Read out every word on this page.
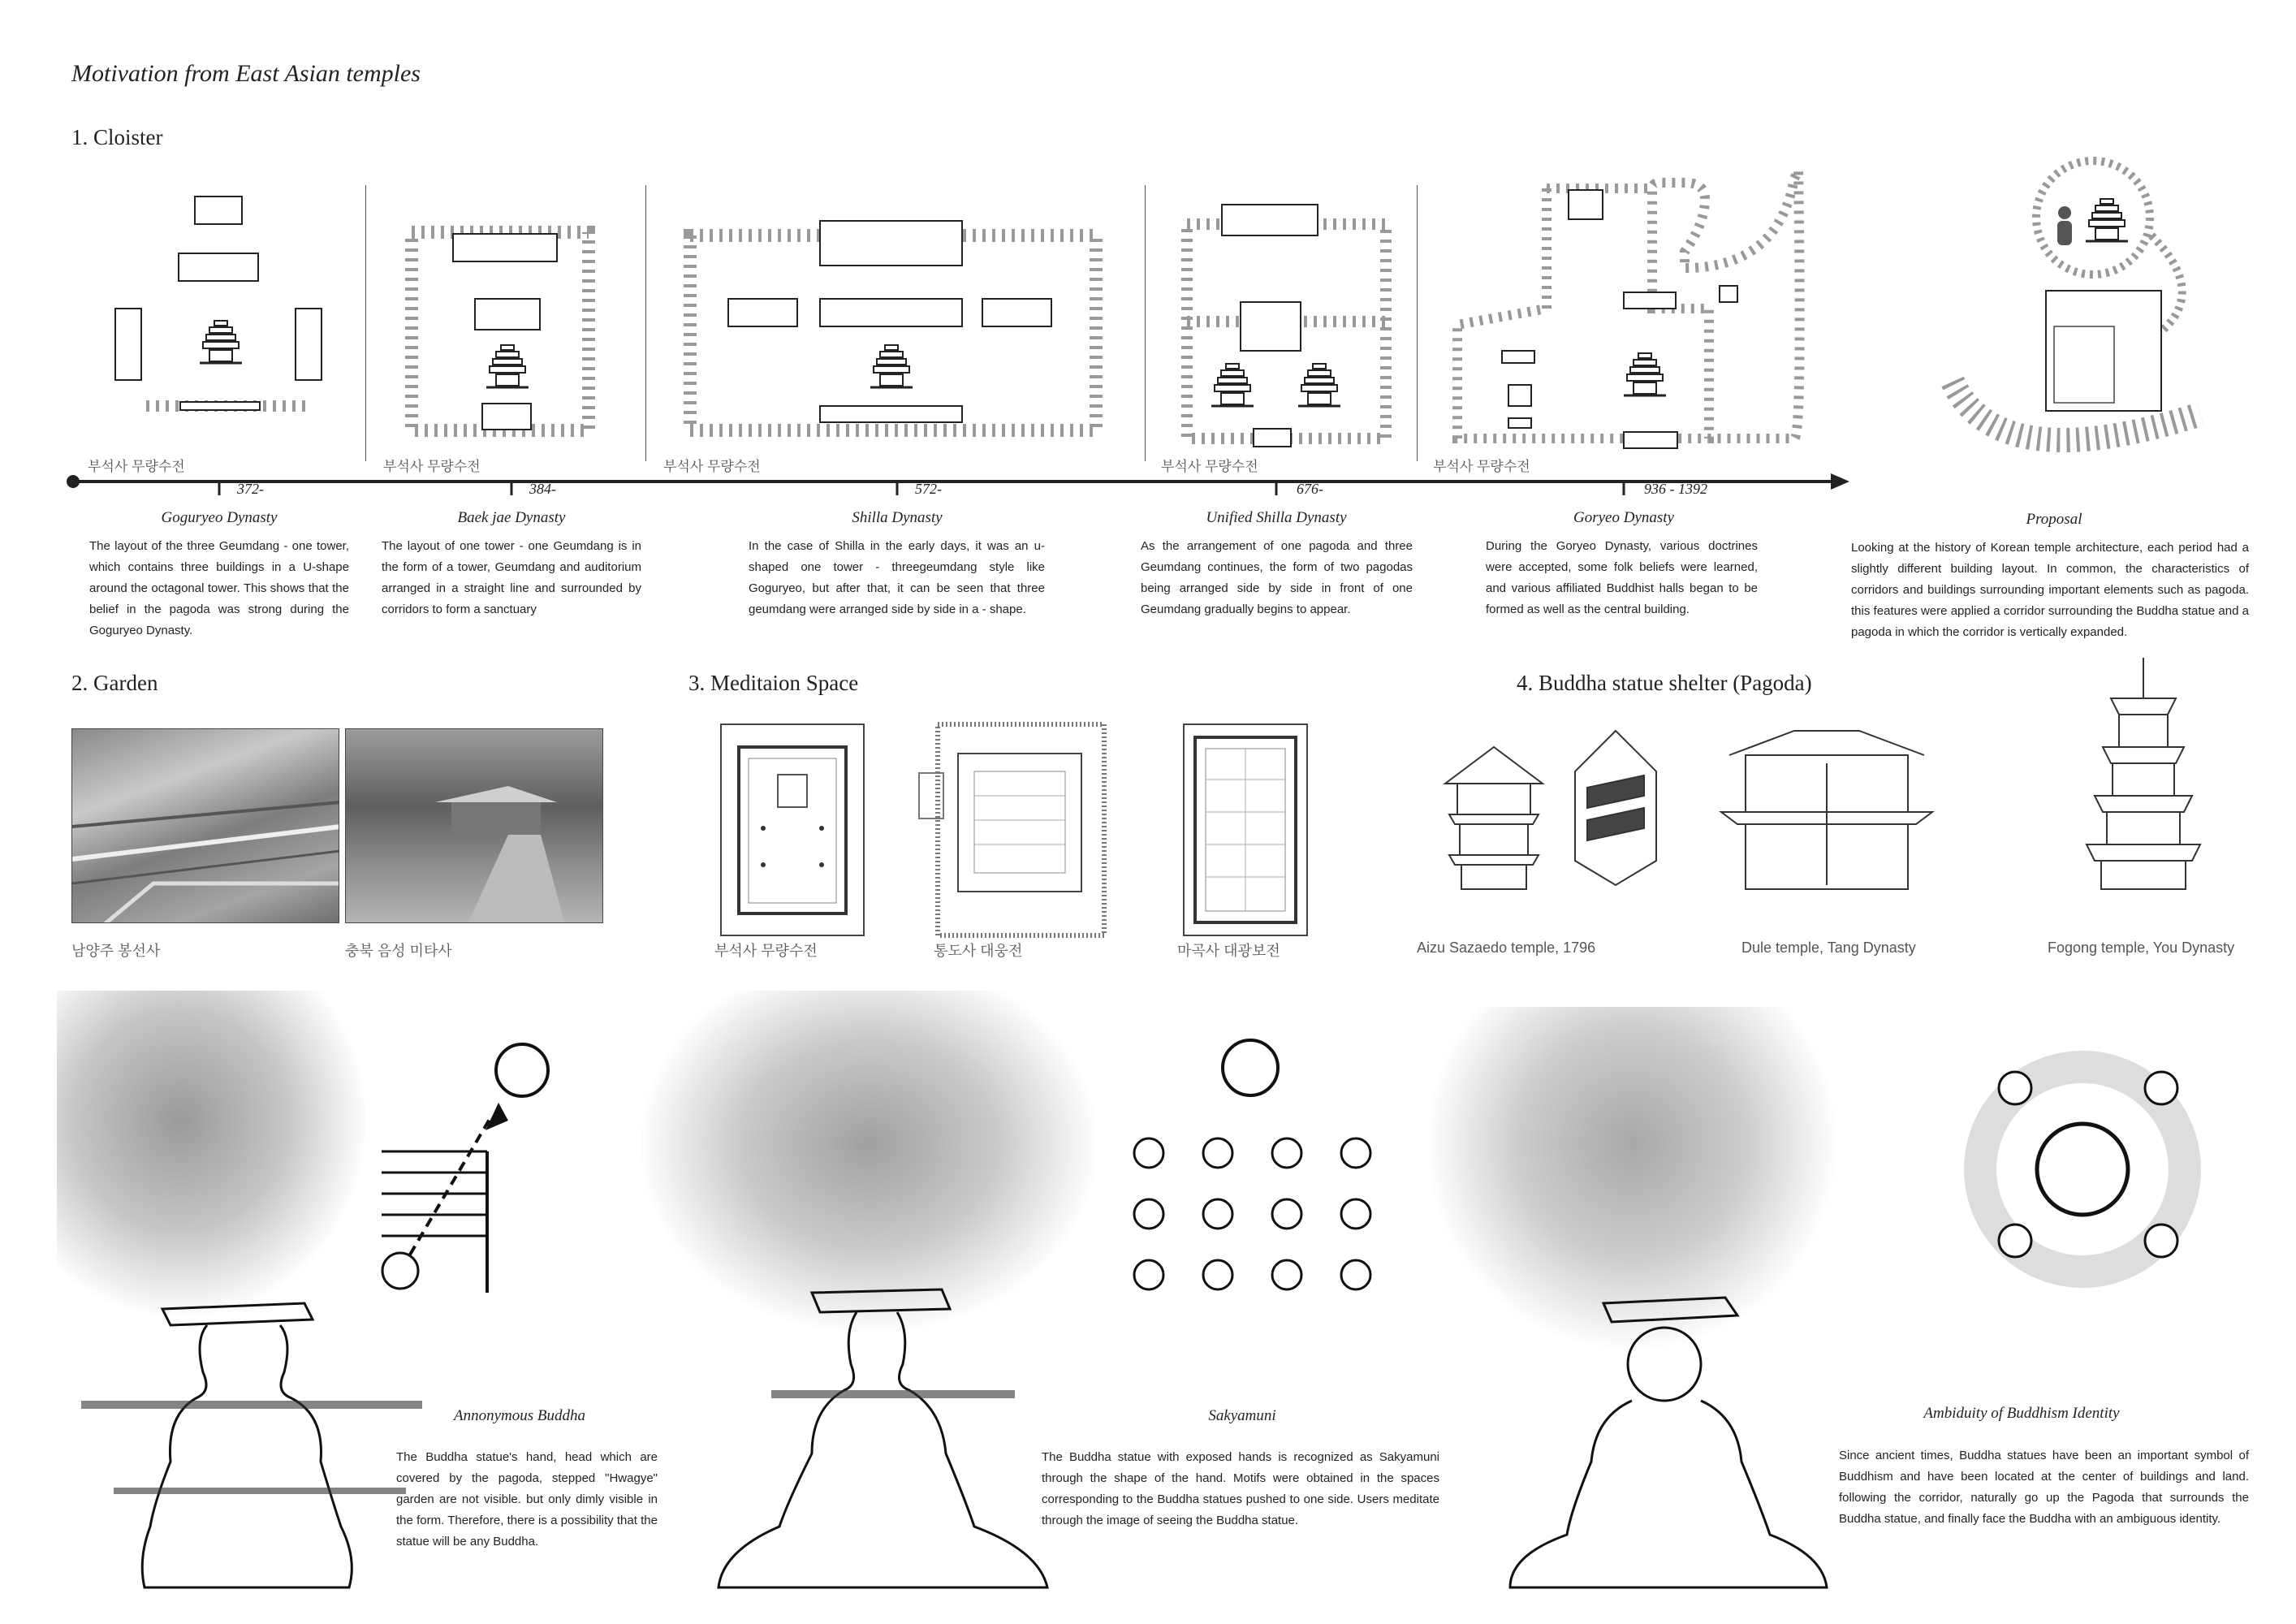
Motivation from East Asian temples
1. Cloister
부석사 무량수전	부석사 무량수전	부석사 무량수전	부석사 무량수전	부석사 무량수전
372-	384-	572-	676-	936 - 1392
Goguryeo Dynasty	Baek jae Dynasty	Shilla Dynasty	Unified Shilla Dynasty	Goryeo Dynasty	Proposal
The layout of the three Geumdang - one tower, which contains three buildings in a U-shape around the octagonal tower. This shows that the belief in the pagoda was strong during the Goguryeo Dynasty.
The layout of one tower - one Geumdang is in the form of a tower, Geumdang and auditorium arranged in a straight line and surrounded by corridors to form a sanctuary
In the case of Shilla in the early days, it was an u-shaped one tower - threegeumdang style like Goguryeo, but after that, it can be seen that three geumdang were arranged side by side in a - shape.
As the arrangement of one pagoda and three Geumdang continues, the form of two pagodas being arranged side by side in front of one Geumdang gradually begins to appear.
During the Goryeo Dynasty, various doctrines were accepted, some folk beliefs were learned, and various affiliated Buddhist halls began to be formed as well as the central building.
Looking at the history of Korean temple architecture, each period had a slightly different building layout. In common, the characteristics of corridors and buildings surrounding important elements such as pagoda. this features were applied a corridor surrounding the Buddha statue and a pagoda in which the corridor is vertically expanded.
2. Garden	3. Meditaion Space	4. Buddha statue shelter (Pagoda)
남양주 봉선사	충북 음성 미타사	부석사 무량수전	통도사 대웅전	마곡사 대광보전	Aizu Sazaedo temple, 1796	Dule temple, Tang Dynasty	Fogong temple, You Dynasty
Annonymous Buddha
The Buddha statue's hand, head which are covered by the pagoda, stepped "Hwagye" garden are not visible. but only dimly visible in the form. Therefore, there is a possibility that the statue will be any Buddha.
Sakyamuni
The Buddha statue with exposed hands is recognized as Sakyamuni through the shape of the hand. Motifs were obtained in the spaces corresponding to the Buddha statues pushed to one side. Users meditate through the image of seeing the Buddha statue.
Ambiduity of Buddhism Identity
Since ancient times, Buddha statues have been an important symbol of Buddhism and have been located at the center of buildings and land. following the corridor, naturally go up the Pagoda that surrounds the Buddha statue, and finally face the Buddha with an ambiguous identity.
